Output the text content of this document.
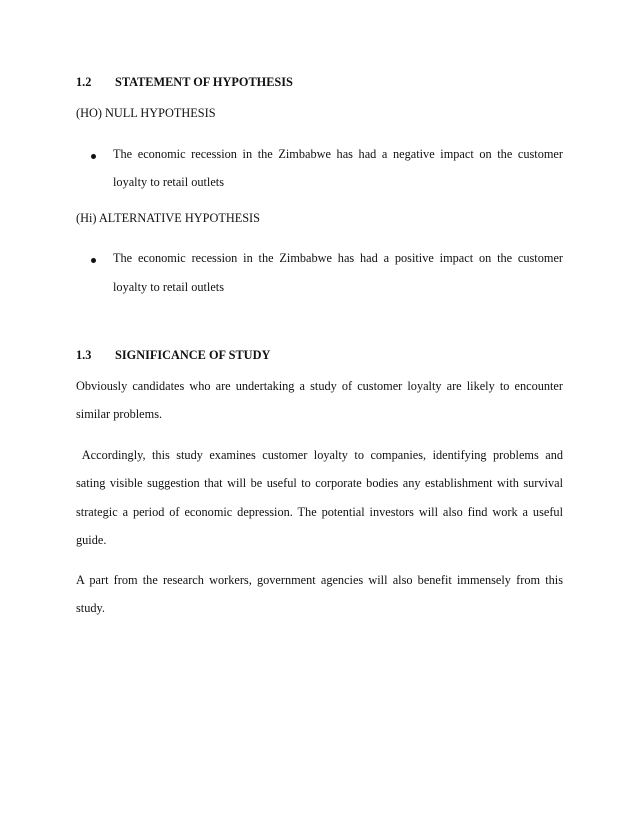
1.2 STATEMENT OF HYPOTHESIS
(HO) NULL HYPOTHESIS
The economic recession in the Zimbabwe has had a negative impact on the customer
loyalty to retail outlets
(Hi) ALTERNATIVE HYPOTHESIS
The economic recession in the Zimbabwe has had a positive impact on the customer
loyalty to retail outlets
1.3 SIGNIFICANCE OF STUDY
Obviously candidates who are undertaking a study of customer loyalty are likely to encounter
similar problems.
Accordingly, this study examines customer loyalty to companies, identifying problems and
sating visible suggestion that will be useful to corporate bodies any establishment with survival
strategic a period of economic depression. The potential investors will also find work a useful
guide.
A part from the research workers, government agencies will also benefit immensely from this
study.
